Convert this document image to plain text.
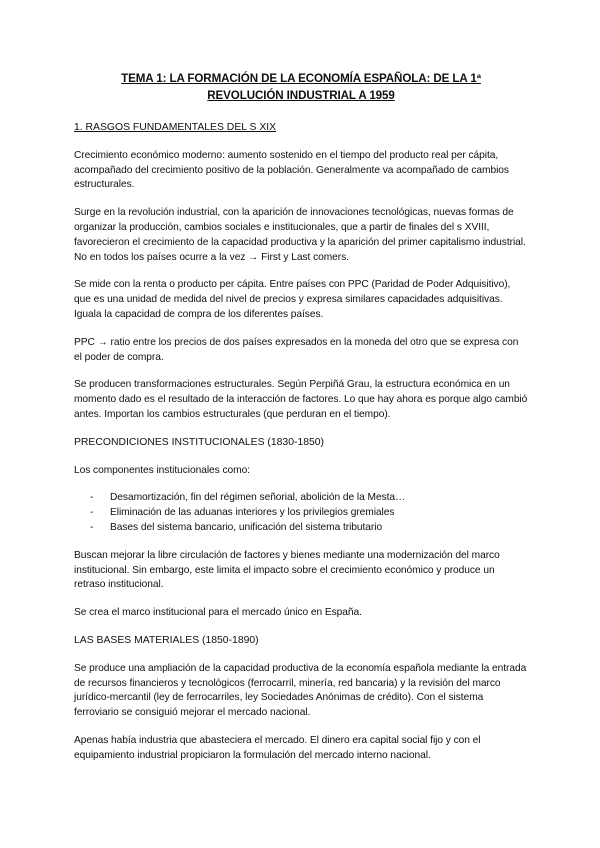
TEMA 1: LA FORMACIÓN DE LA ECONOMÍA ESPAÑOLA: DE LA 1ª
REVOLUCIÓN INDUSTRIAL A 1959
1. RASGOS FUNDAMENTALES DEL S XIX

Crecimiento económico moderno: aumento sostenido en el tiempo del producto real per cápita, acompañado del crecimiento positivo de la población. Generalmente va acompañado de cambios estructurales.

Surge en la revolución industrial, con la aparición de innovaciones tecnológicas, nuevas formas de organizar la producción, cambios sociales e institucionales, que a partir de finales del s XVIII, favorecieron el crecimiento de la capacidad productiva y la aparición del primer capitalismo industrial. No en todos los países ocurre a la vez → First y Last comers.

Se mide con la renta o producto per cápita. Entre países con PPC (Paridad de Poder Adquisitivo), que es una unidad de medida del nivel de precios y expresa similares capacidades adquisitivas. Iguala la capacidad de compra de los diferentes países.

PPC → ratio entre los precios de dos países expresados en la moneda del otro que se expresa con el poder de compra.

Se producen transformaciones estructurales. Según Perpiñá Grau, la estructura económica en un momento dado es el resultado de la interacción de factores. Lo que hay ahora es porque algo cambió antes. Importan los cambios estructurales (que perduran en el tiempo).

PRECONDICIONES INSTITUCIONALES (1830-1850)

Los componentes institucionales como:

- Desamortización, fin del régimen señorial, abolición de la Mesta…
- Eliminación de las aduanas interiores y los privilegios gremiales
- Bases del sistema bancario, unificación del sistema tributario

Buscan mejorar la libre circulación de factores y bienes mediante una modernización del marco institucional. Sin embargo, este limita el impacto sobre el crecimiento económico y produce un retraso institucional.

Se crea el marco institucional para el mercado único en España.

LAS BASES MATERIALES (1850-1890)

Se produce una ampliación de la capacidad productiva de la economía española mediante la entrada de recursos financieros y tecnológicos (ferrocarril, minería, red bancaria) y la revisión del marco jurídico-mercantil (ley de ferrocarriles, ley Sociedades Anónimas de crédito). Con el sistema ferroviario se consiguió mejorar el mercado nacional.

Apenas había industria que abasteciera el mercado. El dinero era capital social fijo y con el equipamiento industrial propiciaron la formulación del mercado interno nacional.
